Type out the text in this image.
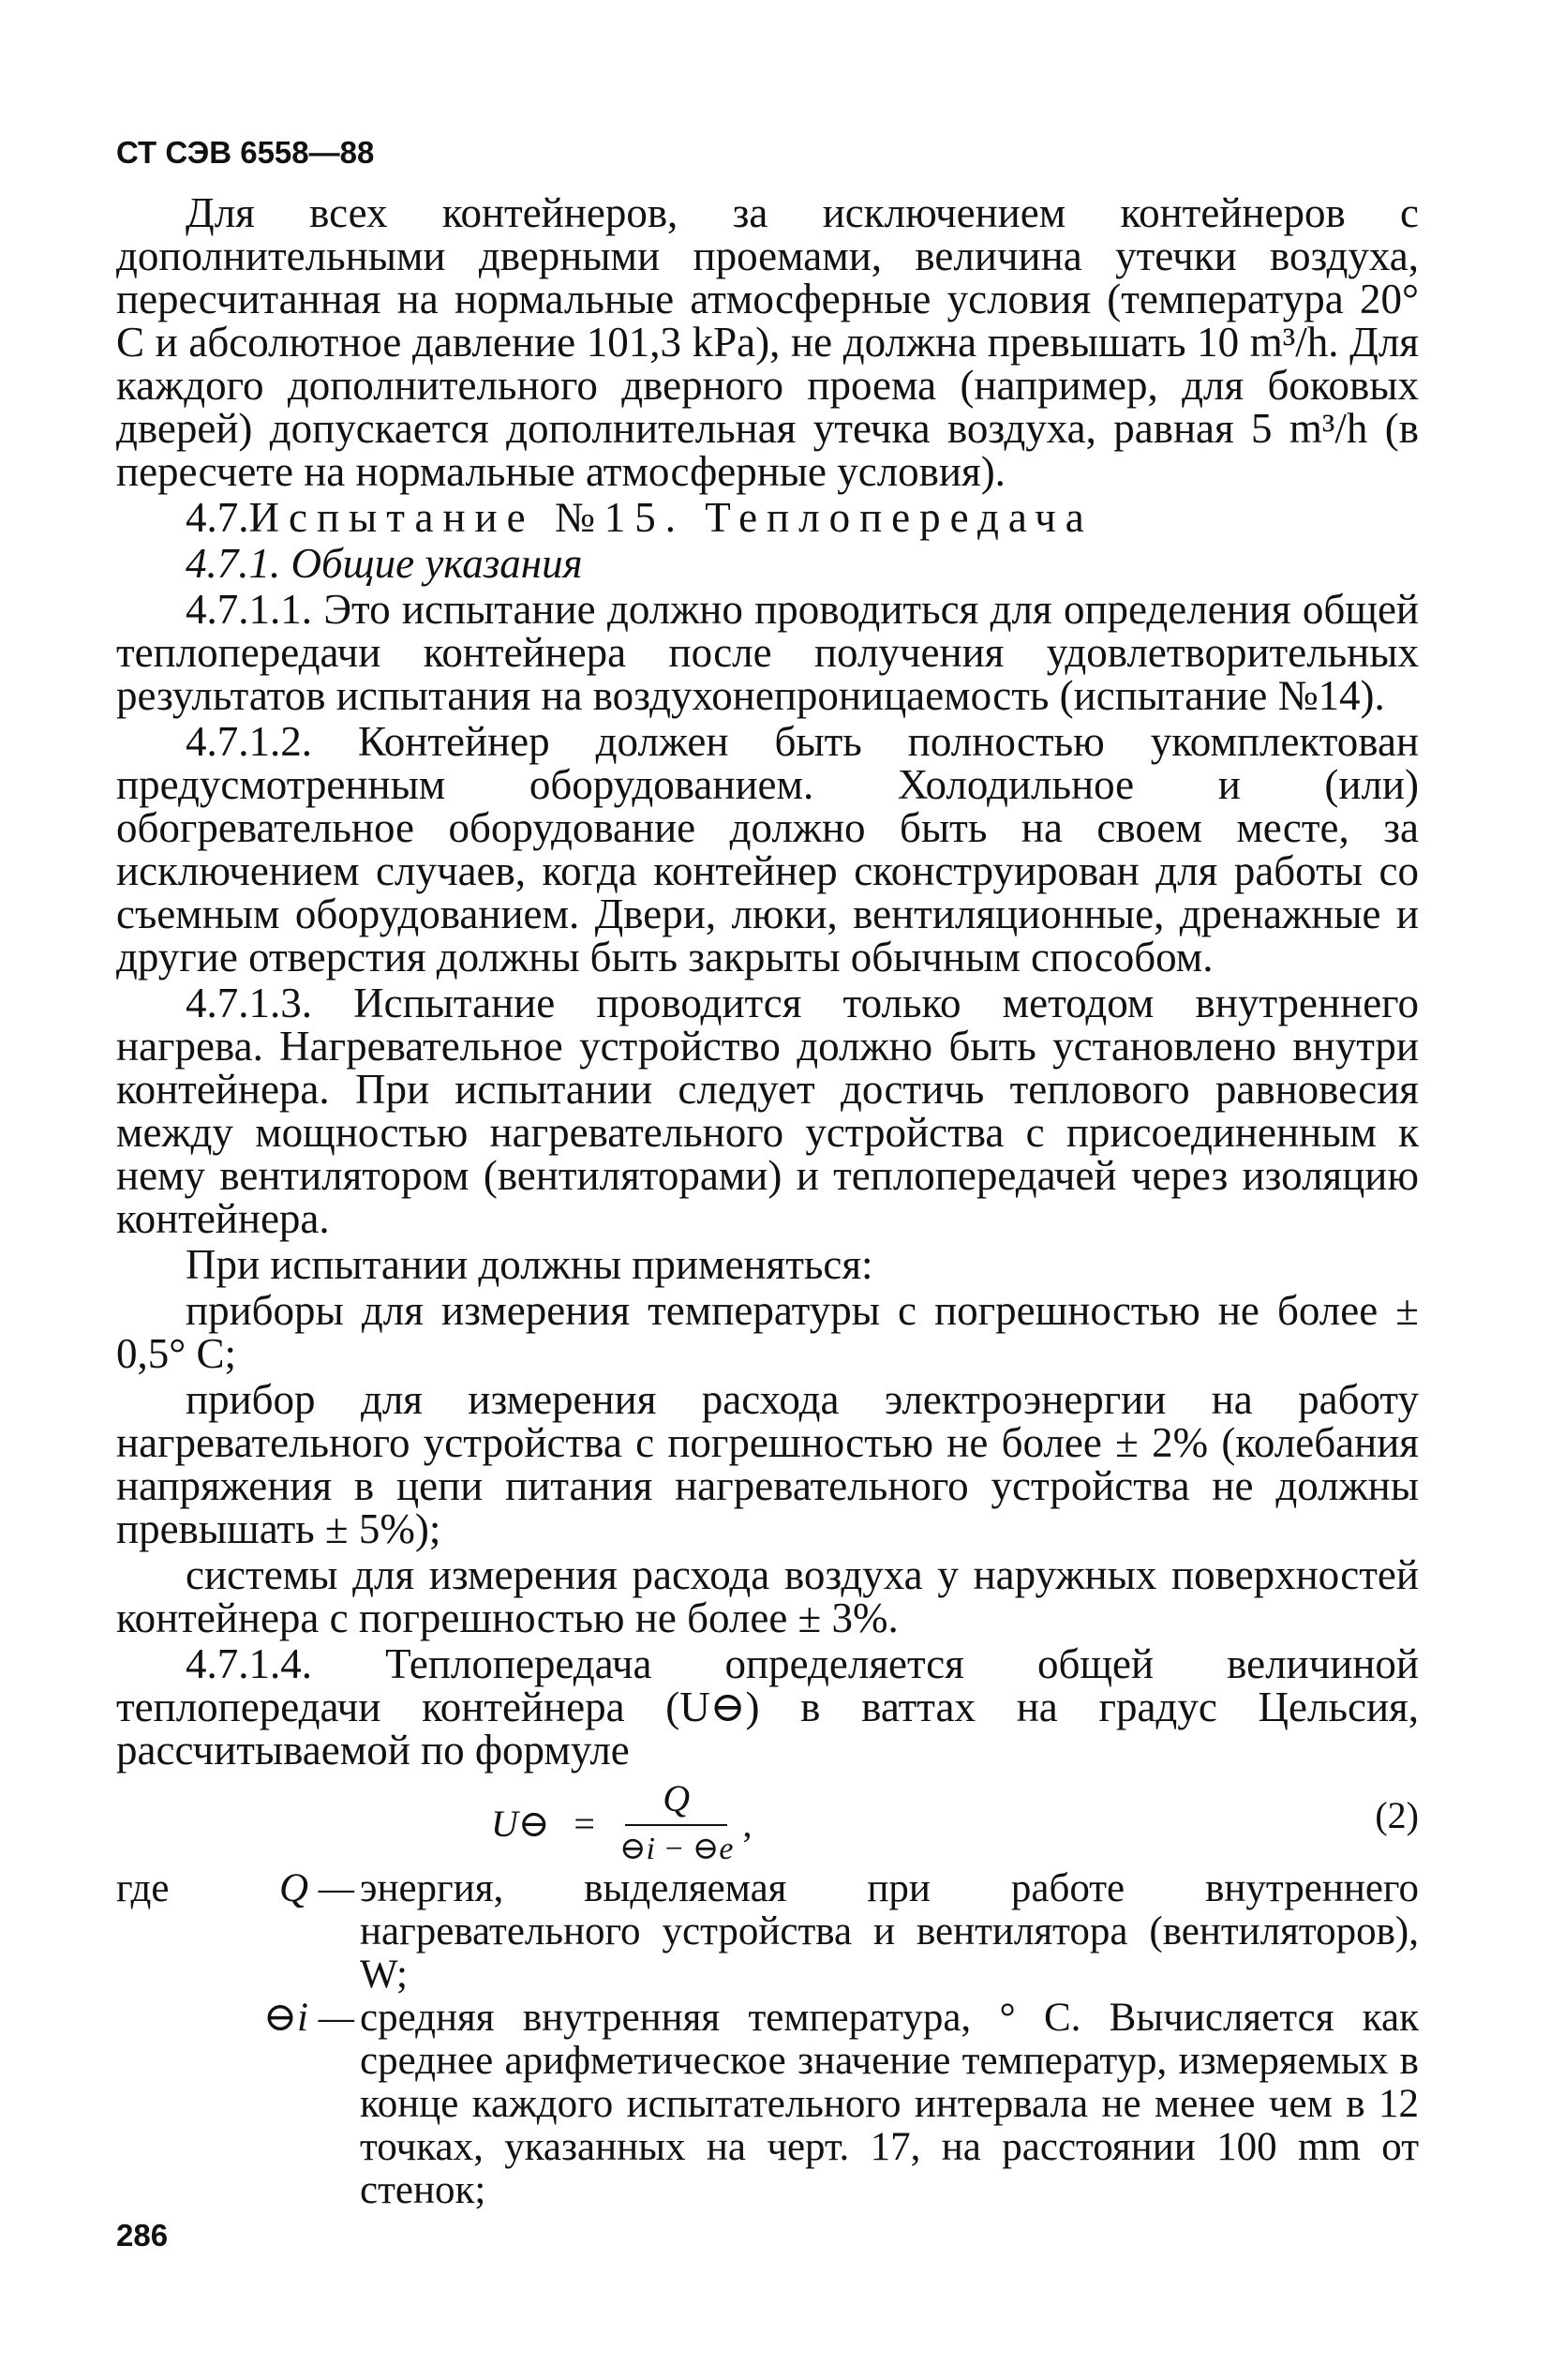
СТ СЭВ 6558—88

Для всех контейнеров, за исключением контейнеров с дополнительными дверными проемами, величина утечки воздуха, пересчитанная на нормальные атмосферные условия (температура 20° С и абсолютное давление 101,3 kPa), не должна превышать 10 m³/h. Для каждого дополнительного дверного проема (например, для боковых дверей) допускается дополнительная утечка воздуха, равная 5 m³/h (в пересчете на нормальные атмосферные условия).

4.7.Испытание №15. Теплопередача

4.7.1. Общие указания

4.7.1.1. Это испытание должно проводиться для определения общей теплопередачи контейнера после получения удовлетворительных результатов испытания на воздухонепроницаемость (испытание №14).

4.7.1.2. Контейнер должен быть полностью укомплектован предусмотренным оборудованием. Холодильное и (или) обогревательное оборудование должно быть на своем месте, за исключением случаев, когда контейнер сконструирован для работы со съемным оборудованием. Двери, люки, вентиляционные, дренажные и другие отверстия должны быть закрыты обычным способом.

4.7.1.3. Испытание проводится только методом внутреннего нагрева. Нагревательное устройство должно быть установлено внутри контейнера. При испытании следует достичь теплового равновесия между мощностью нагревательного устройства с присоединенным к нему вентилятором (вентиляторами) и теплопередачей через изоляцию контейнера.

При испытании должны применяться:

приборы для измерения температуры с погрешностью не более ± 0,5° С;

прибор для измерения расхода электроэнергии на работу нагревательного устройства с погрешностью не более ± 2% (колебания напряжения в цепи питания нагревательного устройства не должны превышать ± 5%);

системы для измерения расхода воздуха у наружных поверхностей контейнера с погрешностью не более ± 3%.

4.7.1.4. Теплопередача определяется общей величиной теплопередачи контейнера (U⊖) в ваттах на градус Цельсия, рассчитываемой по формуле

U⊖ = $\frac{Q}{⊖i - ⊖e}$ ,	(2)
где	Q — энергия, выделяемая при работе внутреннего нагревательного устройства и вентилятора (вентиляторов), W;
⊖i — средняя внутренняя температура, ° С. Вычисляется как среднее арифметическое значение температур, измеряемых в конце каждого испытательного интервала не менее чем в 12 точках, указанных на черт. 17, на расстоянии 100 mm от стенок;
286
